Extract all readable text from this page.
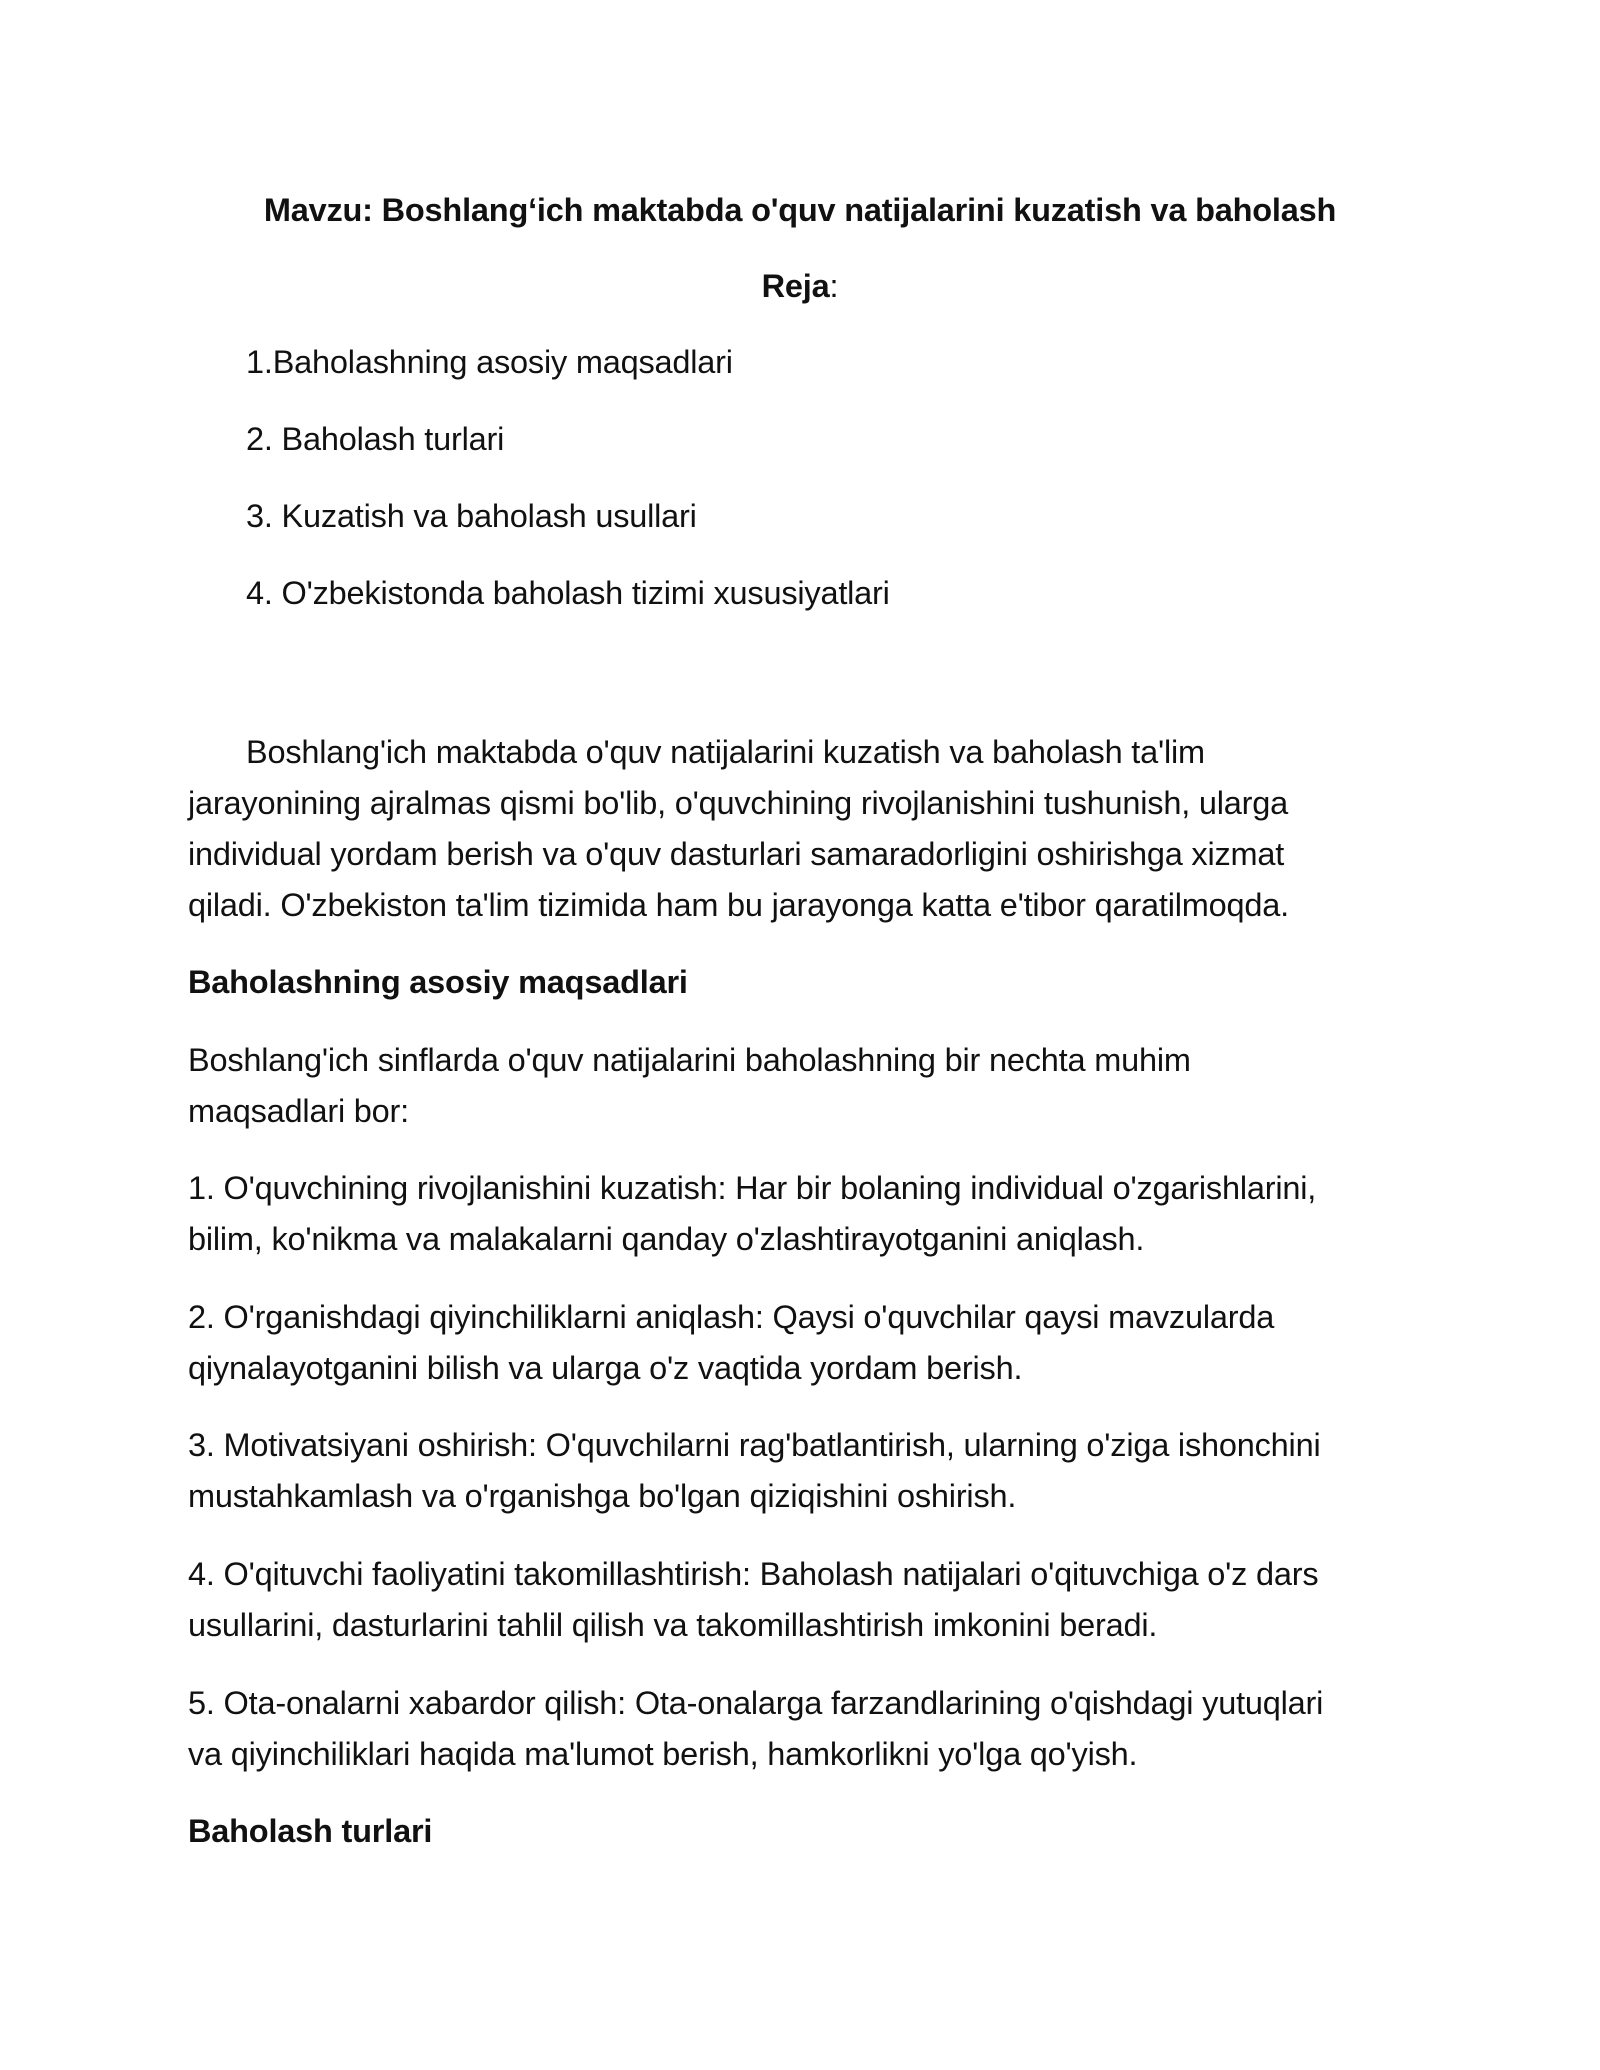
Mavzu: Boshlang‘ich maktabda o'quv natijalarini kuzatish va baholash
Reja:
1.Baholashning asosiy maqsadlari
2. Baholash turlari
3. Kuzatish va baholash usullari
4. O'zbekistonda baholash tizimi xususiyatlari
Boshlang'ich maktabda o'quv natijalarini kuzatish va baholash ta'lim
jarayonining ajralmas qismi bo'lib, o'quvchining rivojlanishini tushunish, ularga
individual yordam berish va o'quv dasturlari samaradorligini oshirishga xizmat
qiladi. O'zbekiston ta'lim tizimida ham bu jarayonga katta e'tibor qaratilmoqda.
Baholashning asosiy maqsadlari
Boshlang'ich sinflarda o'quv natijalarini baholashning bir nechta muhim
maqsadlari bor:
1. O'quvchining rivojlanishini kuzatish: Har bir bolaning individual o'zgarishlarini,
bilim, ko'nikma va malakalarni qanday o'zlashtirayotganini aniqlash.
2. O'rganishdagi qiyinchiliklarni aniqlash: Qaysi o'quvchilar qaysi mavzularda
qiynalayotganini bilish va ularga o'z vaqtida yordam berish.
3. Motivatsiyani oshirish: O'quvchilarni rag'batlantirish, ularning o'ziga ishonchini
mustahkamlash va o'rganishga bo'lgan qiziqishini oshirish.
4. O'qituvchi faoliyatini takomillashtirish: Baholash natijalari o'qituvchiga o'z dars
usullarini, dasturlarini tahlil qilish va takomillashtirish imkonini beradi.
5. Ota-onalarni xabardor qilish: Ota-onalarga farzandlarining o'qishdagi yutuqlari
va qiyinchiliklari haqida ma'lumot berish, hamkorlikni yo'lga qo'yish.
Baholash turlari
